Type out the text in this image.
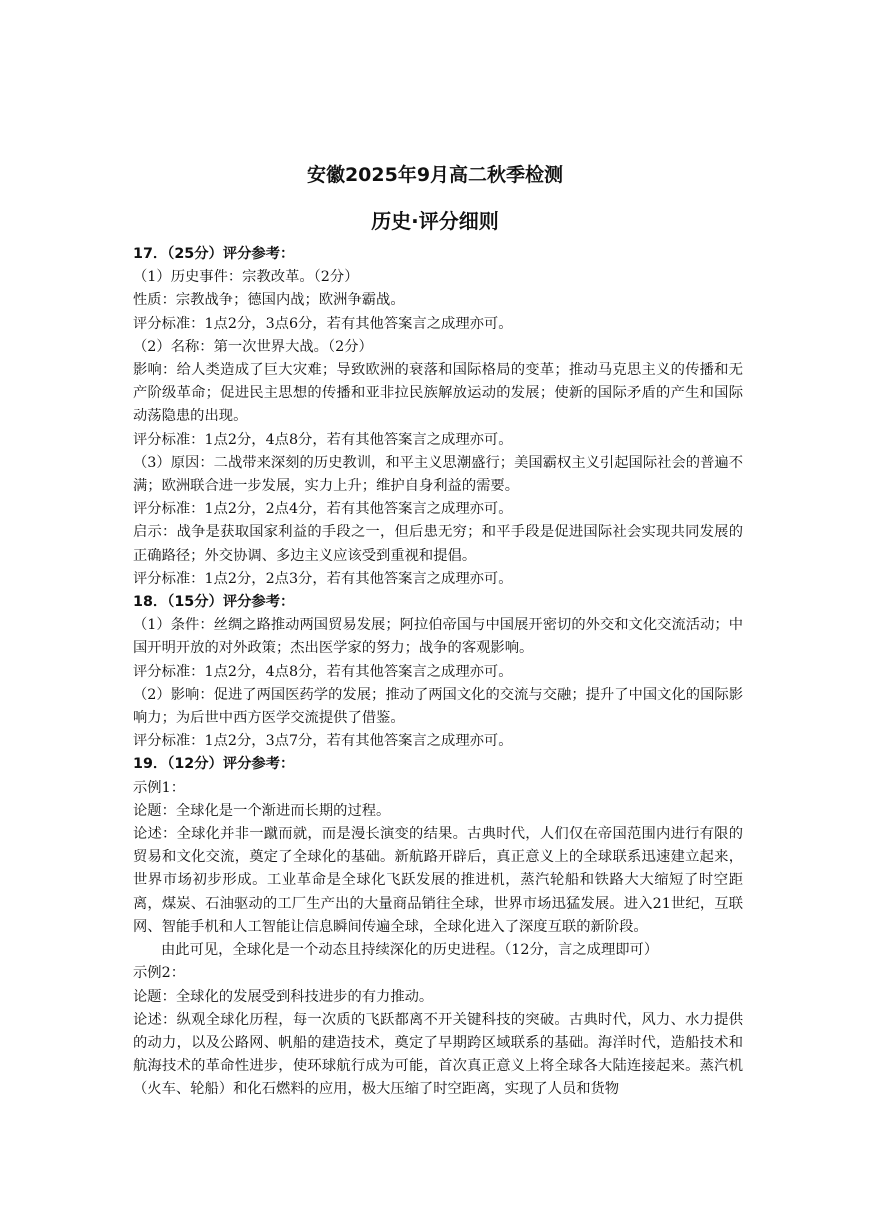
安徽2025年9月高二秋季检测
历史·评分细则

17．（25分）评分参考：

（1）历史事件：宗教改革。（2分）

性质：宗教战争；德国内战；欧洲争霸战。

评分标准：1点2分，3点6分，若有其他答案言之成理亦可。

（2）名称：第一次世界大战。（2分）

影响：给人类造成了巨大灾难；导致欧洲的衰落和国际格局的变革；推动马克思主义的传播和无产阶级革命；促进民主思想的传播和亚非拉民族解放运动的发展；使新的国际矛盾的产生和国际动荡隐患的出现。

评分标准：1点2分，4点8分，若有其他答案言之成理亦可。

（3）原因：二战带来深刻的历史教训，和平主义思潮盛行；美国霸权主义引起国际社会的普遍不满；欧洲联合进一步发展，实力上升；维护自身利益的需要。

评分标准：1点2分，2点4分，若有其他答案言之成理亦可。

启示：战争是获取国家利益的手段之一，但后患无穷；和平手段是促进国际社会实现共同发展的正确路径；外交协调、多边主义应该受到重视和提倡。

评分标准：1点2分，2点3分，若有其他答案言之成理亦可。

18．（15分）评分参考：

（1）条件：丝绸之路推动两国贸易发展；阿拉伯帝国与中国展开密切的外交和文化交流活动；中国开明开放的对外政策；杰出医学家的努力；战争的客观影响。

评分标准：1点2分，4点8分，若有其他答案言之成理亦可。

（2）影响：促进了两国医药学的发展；推动了两国文化的交流与交融；提升了中国文化的国际影响力；为后世中西方医学交流提供了借鉴。

评分标准：1点2分，3点7分，若有其他答案言之成理亦可。

19．（12分）评分参考：

示例1：

论题：全球化是一个渐进而长期的过程。

论述：全球化并非一蹴而就，而是漫长演变的结果。古典时代，人们仅在帝国范围内进行有限的贸易和文化交流，奠定了全球化的基础。新航路开辟后，真正意义上的全球联系迅速建立起来，世界市场初步形成。工业革命是全球化飞跃发展的推进机，蒸汽轮船和铁路大大缩短了时空距离，煤炭、石油驱动的工厂生产出的大量商品销往全球，世界市场迅猛发展。进入21世纪，互联网、智能手机和人工智能让信息瞬间传遍全球，全球化进入了深度互联的新阶段。

由此可见，全球化是一个动态且持续深化的历史进程。（12分，言之成理即可）

示例2：

论题：全球化的发展受到科技进步的有力推动。

论述：纵观全球化历程，每一次质的飞跃都离不开关键科技的突破。古典时代，风力、水力提供的动力，以及公路网、帆船的建造技术，奠定了早期跨区域联系的基础。海洋时代，造船技术和航海技术的革命性进步，使环球航行成为可能，首次真正意义上将全球各大陆连接起来。蒸汽机（火车、轮船）和化石燃料的应用，极大压缩了时空距离，实现了人员和货物
